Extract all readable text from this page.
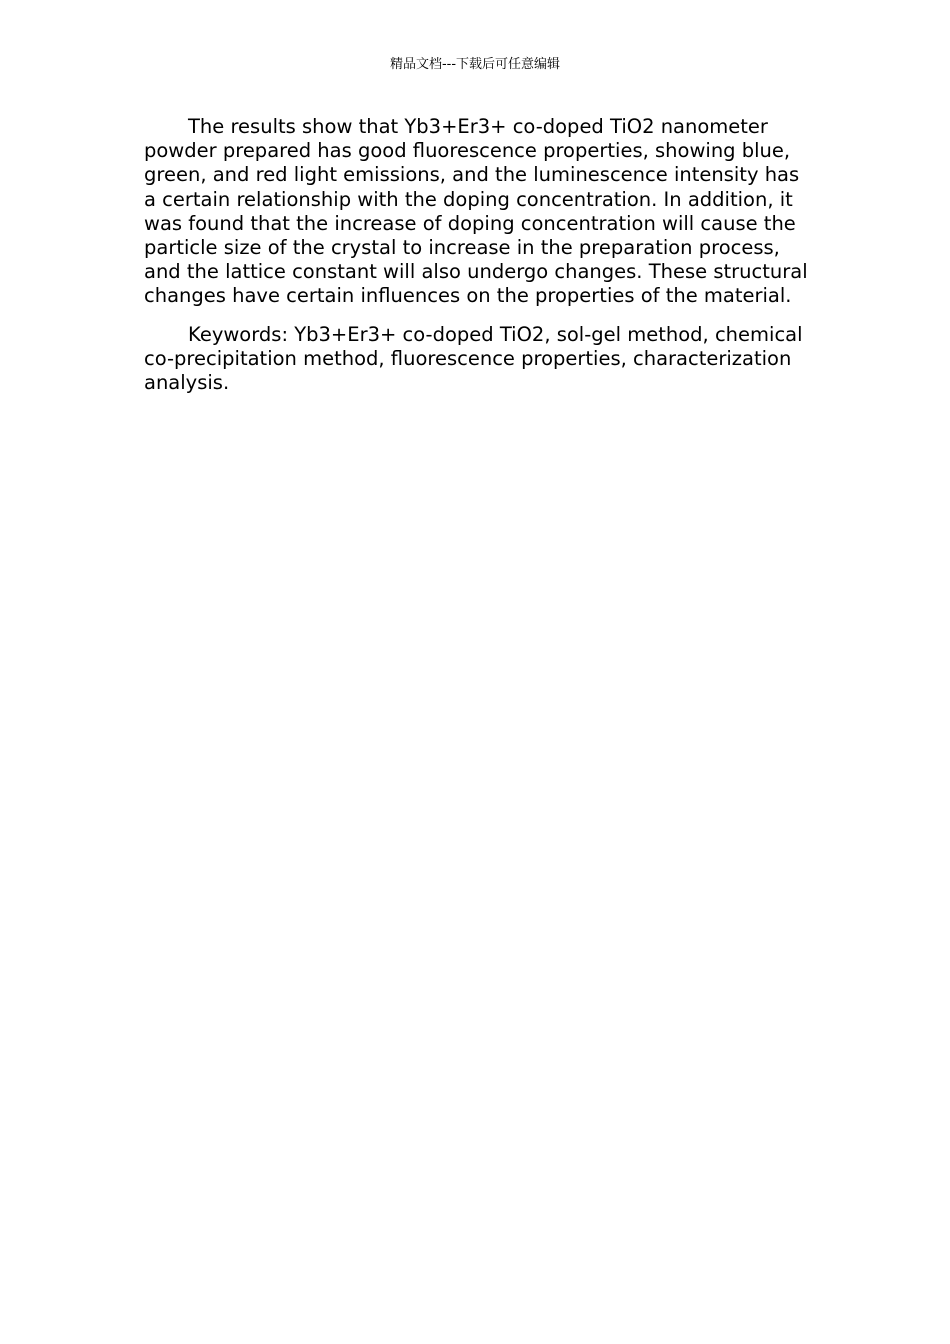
精品文档---下载后可任意编辑

The results show that Yb3+Er3+ co-doped TiO2 nanometer powder prepared has good fluorescence properties, showing blue, green, and red light emissions, and the luminescence intensity has a certain relationship with the doping concentration. In addition, it was found that the increase of doping concentration will cause the particle size of the crystal to increase in the preparation process, and the lattice constant will also undergo changes. These structural changes have certain influences on the properties of the material.

Keywords: Yb3+Er3+ co-doped TiO2, sol-gel method, chemical co-precipitation method, fluorescence properties, characterization analysis.
